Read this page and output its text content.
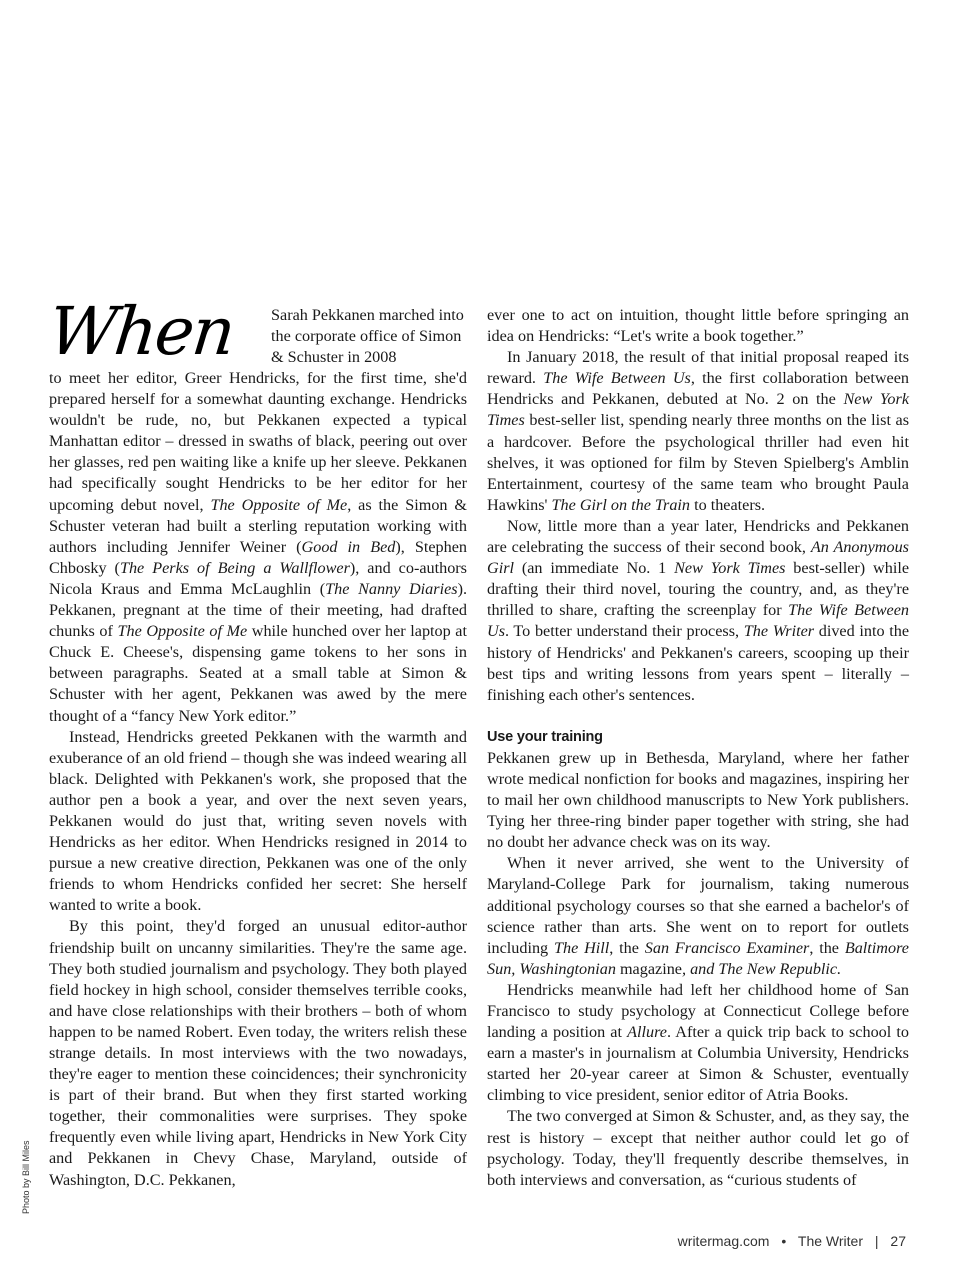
When Sarah Pekkanen marched into the corporate office of Simon & Schuster in 2008

to meet her editor, Greer Hendricks, for the first time, she'd prepared herself for a somewhat daunting exchange. Hendricks wouldn't be rude, no, but Pekkanen expected a typical Manhattan editor – dressed in swaths of black, peering out over her glasses, red pen waiting like a knife up her sleeve. Pekkanen had specifically sought Hendricks to be her editor for her upcoming debut novel, The Opposite of Me, as the Simon & Schuster veteran had built a sterling reputation working with authors including Jennifer Weiner (Good in Bed), Stephen Chbosky (The Perks of Being a Wallflower), and co-authors Nicola Kraus and Emma McLaughlin (The Nanny Diaries). Pekkanen, pregnant at the time of their meeting, had drafted chunks of The Opposite of Me while hunched over her laptop at Chuck E. Cheese's, dispensing game tokens to her sons in between paragraphs. Seated at a small table at Simon & Schuster with her agent, Pekkanen was awed by the mere thought of a “fancy New York editor.”

Instead, Hendricks greeted Pekkanen with the warmth and exuberance of an old friend – though she was indeed wearing all black. Delighted with Pekkanen's work, she proposed that the author pen a book a year, and over the next seven years, Pekkanen would do just that, writing seven novels with Hendricks as her editor. When Hendricks resigned in 2014 to pursue a new creative direction, Pekkanen was one of the only friends to whom Hendricks confided her secret: She herself wanted to write a book.

By this point, they'd forged an unusual editor-author friendship built on uncanny similarities. They're the same age. They both studied journalism and psychology. They both played field hockey in high school, consider themselves terrible cooks, and have close relationships with their brothers – both of whom happen to be named Robert. Even today, the writers relish these strange details. In most interviews with the two nowadays, they're eager to mention these coincidences; their synchronicity is part of their brand. But when they first started working together, their commonalities were surprises. They spoke frequently even while living apart, Hendricks in New York City and Pekkanen in Chevy Chase, Maryland, outside of Washington, D.C. Pekkanen,

ever one to act on intuition, thought little before springing an idea on Hendricks: “Let's write a book together.”

In January 2018, the result of that initial proposal reaped its reward. The Wife Between Us, the first collaboration between Hendricks and Pekkanen, debuted at No. 2 on the New York Times best-seller list, spending nearly three months on the list as a hardcover. Before the psychological thriller had even hit shelves, it was optioned for film by Steven Spielberg's Amblin Entertainment, courtesy of the same team who brought Paula Hawkins' The Girl on the Train to theaters.

Now, little more than a year later, Hendricks and Pekkanen are celebrating the success of their second book, An Anonymous Girl (an immediate No. 1 New York Times best-seller) while drafting their third novel, touring the country, and, as they're thrilled to share, crafting the screenplay for The Wife Between Us. To better understand their process, The Writer dived into the history of Hendricks' and Pekkanen's careers, scooping up their best tips and writing lessons from years spent – literally – finishing each other's sentences.

Use your training

Pekkanen grew up in Bethesda, Maryland, where her father wrote medical nonfiction for books and magazines, inspiring her to mail her own childhood manuscripts to New York publishers. Tying her three-ring binder paper together with string, she had no doubt her advance check was on its way.

When it never arrived, she went to the University of Maryland-College Park for journalism, taking numerous additional psychology courses so that she earned a bachelor's of science rather than arts. She went on to report for outlets including The Hill, the San Francisco Examiner, the Baltimore Sun, Washingtonian magazine, and The New Republic.

Hendricks meanwhile had left her childhood home of San Francisco to study psychology at Connecticut College before landing a position at Allure. After a quick trip back to school to earn a master's in journalism at Columbia University, Hendricks started her 20-year career at Simon & Schuster, eventually climbing to vice president, senior editor of Atria Books.

The two converged at Simon & Schuster, and, as they say, the rest is history – except that neither author could let go of psychology. Today, they'll frequently describe themselves, in both interviews and conversation, as “curious students of

Photo by Bill Miles
writermag.com • The Writer | 27
